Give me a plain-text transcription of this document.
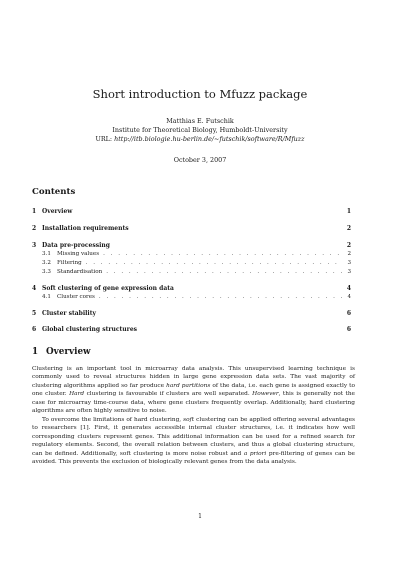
Short introduction to Mfuzz package
Matthias E. Futschik
Institute for Theoretical Biology, Humboldt-University
URL: http://itb.biologie.hu-berlin.de/~futschik/software/R/Mfuzz
October 3, 2007
Contents
1 Overview	1
2 Installation requirements	2
3 Data pre-processing	2
3.1	Missing values . . .	2
3.2	Filtering . . .	3
3.3	Standardisation . . .	3
4 Soft clustering of gene expression data	4
4.1	Cluster cores . . .	4
5 Cluster stability	6
6 Global clustering structures	6
1 Overview
Clustering is an important tool in microarray data analysis. This unsupervised learning technique is commonly used to reveal structures hidden in large gene expression data sets. The vast majority of clustering algorithms applied so far produce hard partitions of the data, i.e. each gene is assigned exactly to one cluster. Hard clustering is favourable if clusters are well separated. However, this is generally not the case for microarray time-course data, where gene clusters frequently overlap. Additionally, hard clustering algorithms are often highly sensitive to noise.
To overcome the limitations of hard clustering, soft clustering can be applied offering several advantages to researchers [1]. First, it generates accessible internal cluster structures, i.e. it indicates how well corresponding clusters represent genes. This additional information can be used for a refined search for regulatory elements. Second, the overall relation between clusters, and thus a global clustering structure, can be defined. Additionally, soft clustering is more noise robust and a priori pre-filtering of genes can be avoided. This prevents the exclusion of biologically relevant genes from the data analysis.
1
